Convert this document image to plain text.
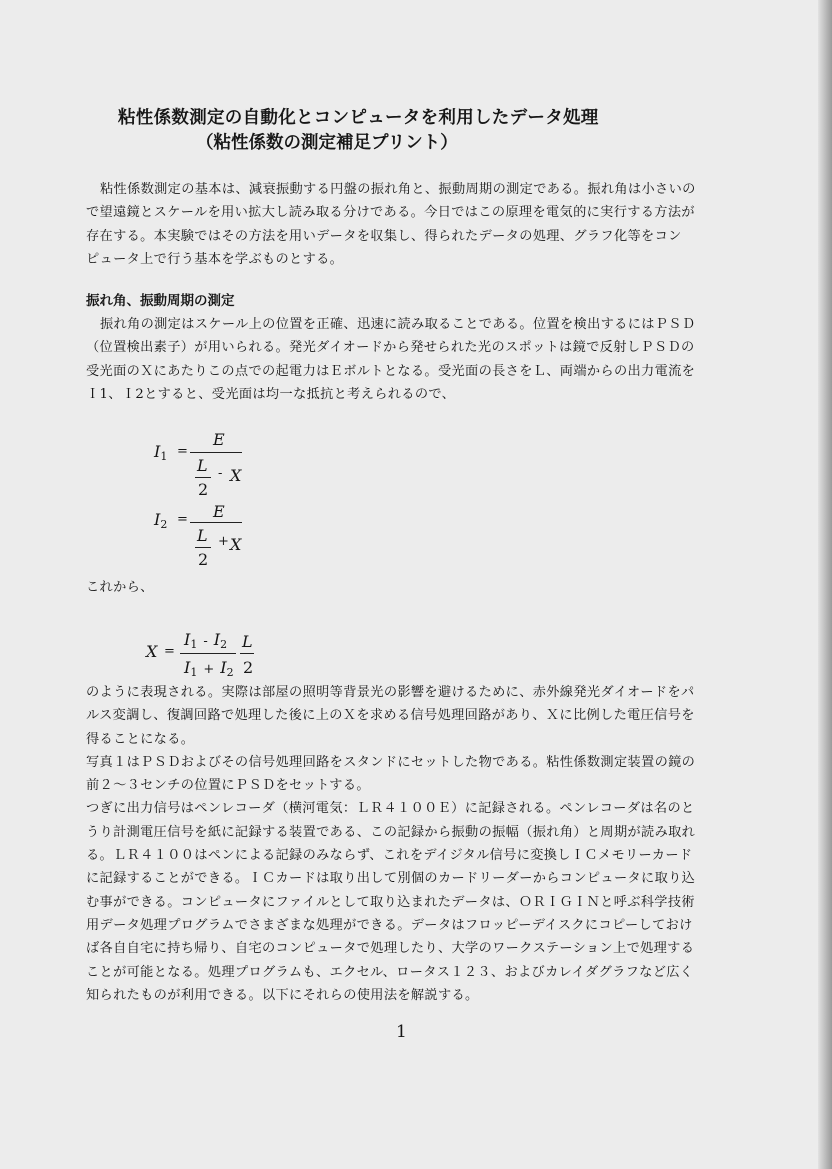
粘性係数測定の自動化とコンピュータを利用したデータ処理
（粘性係数の測定補足プリント）
粘性係数測定の基本は、減衰振動する円盤の振れ角と、振動周期の測定である。振れ角は小さいの
で望遠鏡とスケールを用い拡大し読み取る分けである。今日ではこの原理を電気的に実行する方法が
存在する。本実験ではその方法を用いデータを収集し、得られたデータの処理、グラフ化等をコン
ピュータ上で行う基本を学ぶものとする。
振れ角、振動周期の測定
振れ角の測定はスケール上の位置を正確、迅速に読み取ることである。位置を検出するにはＰＳＤ
（位置検出素子）が用いられる。発光ダイオードから発せられた光のスポットは鏡で反射しＰＳＤの
受光面のＸにあたりこの点での起電力はＥボルトとなる。受光面の長さをＬ、両端からの出力電流を
Ｉ1、Ｉ2とすると、受光面は均一な抵抗と考えられるので、
$I_1$ =
E
L
2
- X
$I_2 = E$
L
2
+ X
これから、
X =
$I_1 - I_2$
$I_1 + I_2$
L
2
のように表現される。実際は部屋の照明等背景光の影響を避けるために、赤外線発光ダイオードをパ
ルス変調し、復調回路で処理した後に上のＸを求める信号処理回路があり、Ｘに比例した電圧信号を
得ることになる。
写真１はＰＳＤおよびその信号処理回路をスタンドにセットした物である。粘性係数測定装置の鏡の
前２～３センチの位置にＰＳＤをセットする。
つぎに出力信号はペンレコーダ（横河電気：ＬＲ４１００Ｅ）に記録される。ペンレコーダは名のと
うり計測電圧信号を紙に記録する装置である、この記録から振動の振幅（振れ角）と周期が読み取れ
る。ＬＲ４１００はペンによる記録のみならず、これをデイジタル信号に変換しＩＣメモリーカード
に記録することができる。ＩＣカードは取り出して別個のカードリーダーからコンピュータに取り込
む事ができる。コンピュータにファイルとして取り込まれたデータは、ＯＲＩＧＩＮと呼ぶ科学技術
用データ処理プログラムでさまざまな処理ができる。データはフロッピーデイスクにコピーしておけ
ば各自自宅に持ち帰り、自宅のコンピュータで処理したり、大学のワークステーション上で処理する
ことが可能となる。処理プログラムも、エクセル、ロータス１２３、およびカレイダグラフなど広く
知られたものが利用できる。以下にそれらの使用法を解説する。
1
